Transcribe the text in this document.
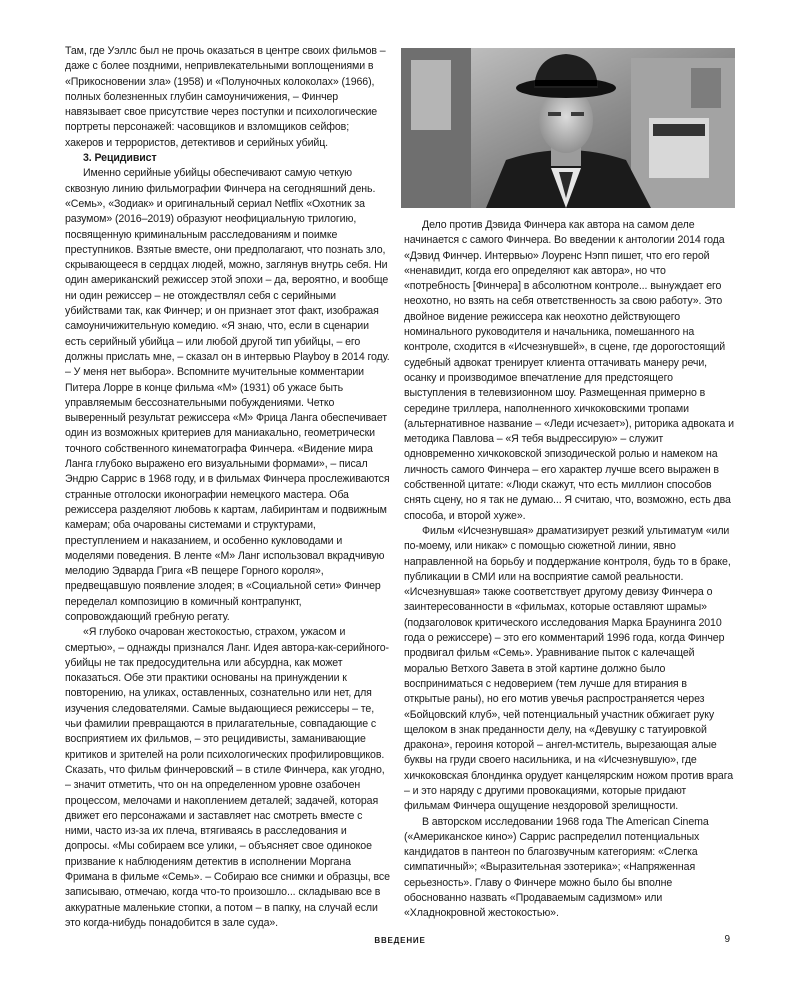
Там, где Уэллс был не прочь оказаться в центре своих фильмов – даже с более поздними, непривлекательными воплощениями в «Прикосновении зла» (1958) и «Полуночных колоколах» (1966), полных болезненных глубин самоуничижения, – Финчер навязывает свое присутствие через поступки и психологические портреты персонажей: часовщиков и взломщиков сейфов; хакеров и террористов, детективов и серийных убийц.

3. Рецидивист

Именно серийные убийцы обеспечивают самую четкую сквозную линию фильмографии Финчера на сегодняшний день. «Семь», «Зодиак» и оригинальный сериал Netflix «Охотник за разумом» (2016–2019) образуют неофициальную трилогию, посвященную криминальным расследованиям и поимке преступников. Взятые вместе, они предполагают, что познать зло, скрывающееся в сердцах людей, можно, заглянув внутрь себя. Ни один американский режиссер этой эпохи – да, вероятно, и вообще ни один режиссер – не отождествлял себя с серийными убийствами так, как Финчер; и он признает этот факт, изображая самоуничижительную комедию. «Я знаю, что, если в сценарии есть серийный убийца – или любой другой тип убийцы, – его должны прислать мне, – сказал он в интервью Playboy в 2014 году. – У меня нет выбора». Вспомните мучительные комментарии Питера Лорре в конце фильма «М» (1931) об ужасе быть управляемым бессознательными побуждениями. Четко выверенный результат режиссера «М» Фрица Ланга обеспечивает один из возможных критериев для маниакально, геометрически точного собственного кинематографа Финчера. «Видение мира Ланга глубоко выражено его визуальными формами», – писал Эндрю Саррис в 1968 году, и в фильмах Финчера прослеживаются странные отголоски иконографии немецкого мастера. Оба режиссера разделяют любовь к картам, лабиринтам и подвижным камерам; оба очарованы системами и структурами, преступлением и наказанием, и особенно кукловодами и моделями поведения. В ленте «М» Ланг использовал вкрадчивую мелодию Эдварда Грига «В пещере Горного короля», предвещавшую появление злодея; в «Социальной сети» Финчер переделал композицию в комичный контрапункт, сопровождающий гребную регату.

«Я глубоко очарован жестокостью, страхом, ужасом и смертью», – однажды признался Ланг. Идея автора-как-серийного-убийцы не так предосудительна или абсурдна, как может показаться. Обе эти практики основаны на принуждении к повторению, на уликах, оставленных, сознательно или нет, для изучения следователями. Самые выдающиеся режиссеры – те, чьи фамилии превращаются в прилагательные, совпадающие с восприятием их фильмов, – это рецидивисты, заманивающие критиков и зрителей на роли психологических профилировщиков. Сказать, что фильм финчеровский – в стиле Финчера, как угодно, – значит отметить, что он на определенном уровне озабочен процессом, мелочами и накоплением деталей; задачей, которая движет его персонажами и заставляет нас смотреть вместе с ними, часто из-за их плеча, втягиваясь в расследования и допросы. «Мы собираем все улики, – объясняет свое одинокое призвание к наблюдениям детектив в исполнении Моргана Фримана в фильме «Семь». – Собираю все снимки и образцы, все записываю, отмечаю, когда что-то произошло... складываю все в аккуратные маленькие стопки, а потом – в папку, на случай если это когда-нибудь понадобится в зале суда».

Дело против Дэвида Финчера как автора на самом деле начинается с самого Финчера. Во введении к антологии 2014 года «Дэвид Финчер. Интервью» Лоуренс Нэпп пишет, что его герой «ненавидит, когда его определяют как автора», но что «потребность [Финчера] в абсолютном контроле... вынуждает его неохотно, но взять на себя ответственность за свою работу». Это двойное видение режиссера как неохотно действующего номинального руководителя и начальника, помешанного на контроле, сходится в «Исчезнувшей», в сцене, где дорогостоящий судебный адвокат тренирует клиента оттачивать манеру речи, осанку и производимое впечатление для предстоящего выступления в телевизионном шоу. Размещенная примерно в середине триллера, наполненного хичкоковскими тропами (альтернативное название – «Леди исчезает»), риторика адвоката и методика Павлова – «Я тебя выдрессирую» – служит одновременно хичкоковской эпизодической ролью и намеком на личность самого Финчера – его характер лучше всего выражен в собственной цитате: «Люди скажут, что есть миллион способов снять сцену, но я так не думаю... Я считаю, что, возможно, есть два способа, и второй хуже».

Фильм «Исчезнувшая» драматизирует резкий ультиматум «или по-моему, или никак» с помощью сюжетной линии, явно направленной на борьбу и поддержание контроля, будь то в браке, публикации в СМИ или на восприятие самой реальности. «Исчезнувшая» также соответствует другому девизу Финчера о заинтересованности в «фильмах, которые оставляют шрамы» (подзаголовок критического исследования Марка Браунинга 2010 года о режиссере) – это его комментарий 1996 года, когда Финчер продвигал фильм «Семь». Уравнивание пыток с калечащей моралью Ветхого Завета в этой картине должно было восприниматься с недоверием (тем лучше для втирания в открытые раны), но его мотив увечья распространяется через «Бойцовский клуб», чей потенциальный участник обжигает руку щелоком в знак преданности делу, на «Девушку с татуировкой дракона», героиня которой – ангел-мститель, вырезающая алые буквы на груди своего насильника, и на «Исчезнувшую», где хичкоковская блондинка орудует канцелярским ножом против врага – и это наряду с другими провокациями, которые придают фильмам Финчера ощущение нездоровой зрелищности.

В авторском исследовании 1968 года The American Cinema («Американское кино») Саррис распределил потенциальных кандидатов в пантеон по благозвучным категориям: «Слегка симпатичный»; «Выразительная эзотерика»; «Напряженная серьезность». Главу о Финчере можно было бы вполне обоснованно назвать «Продаваемым садизмом» или «Хладнокровной жестокостью».

ВВЕДЕНИЕ	9
